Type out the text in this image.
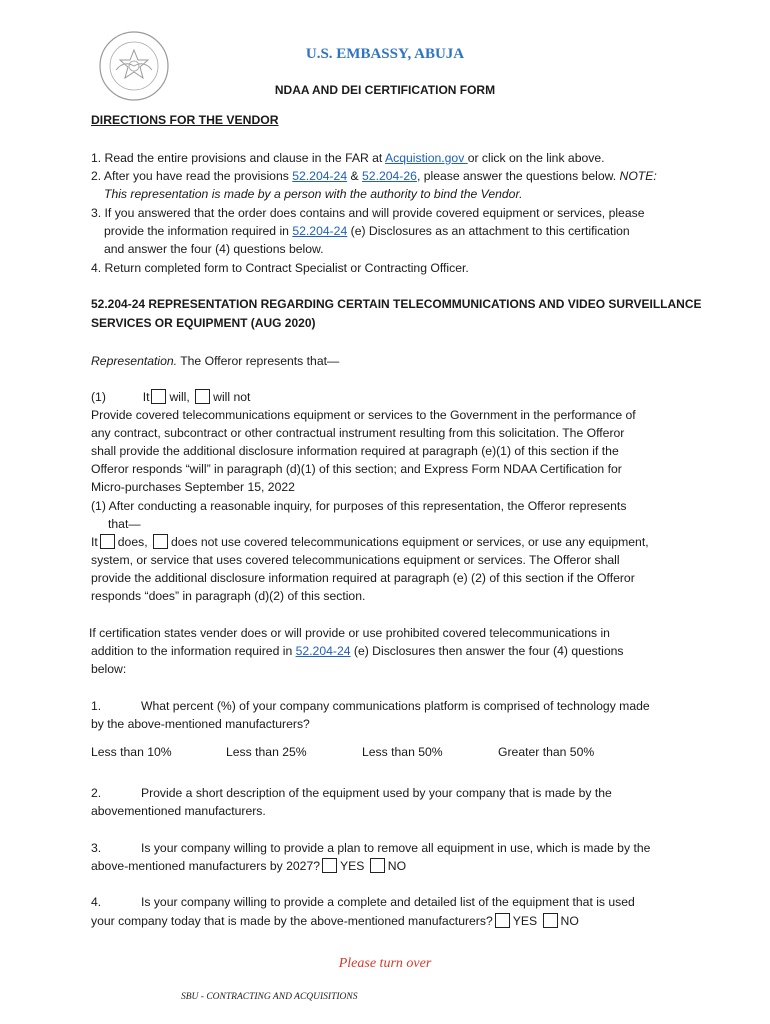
U.S. EMBASSY, ABUJA
NDAA AND DEI CERTIFICATION FORM
DIRECTIONS FOR THE VENDOR
1. Read the entire provisions and clause in the FAR at Acquistion.gov or click on the link above.
2. After you have read the provisions 52.204-24 & 52.204-26, please answer the questions below. NOTE:
This representation is made by a person with the authority to bind the Vendor.
3. If you answered that the order does contains and will provide covered equipment or services, please
provide the information required in 52.204-24 (e) Disclosures as an attachment to this certification
and answer the four (4) questions below.
4. Return completed form to Contract Specialist or Contracting Officer.
52.204-24 REPRESENTATION REGARDING CERTAIN TELECOMMUNICATIONS AND VIDEO SURVEILLANCE
SERVICES OR EQUIPMENT (AUG 2020)
Representation. The Offeror represents that—
(1)	It will, will not
Provide covered telecommunications equipment or services to the Government in the performance of
any contract, subcontract or other contractual instrument resulting from this solicitation. The Offeror
shall provide the additional disclosure information required at paragraph (e)(1) of this section if the
Offeror responds “will” in paragraph (d)(1) of this section; and Express Form NDAA Certification for
Micro-purchases September 15, 2022
(1) After conducting a reasonable inquiry, for purposes of this representation, the Offeror represents
that—
It does, does not use covered telecommunications equipment or services, or use any equipment,
system, or service that uses covered telecommunications equipment or services. The Offeror shall
provide the additional disclosure information required at paragraph (e) (2) of this section if the Offeror
responds “does” in paragraph (d)(2) of this section.
If certification states vender does or will provide or use prohibited covered telecommunications in
addition to the information required in 52.204-24 (e) Disclosures then answer the four (4) questions
below:
1.	What percent (%) of your company communications platform is comprised of technology made
by the above-mentioned manufacturers?
Less than 10%	Less than 25%	Less than 50%	Greater than 50%
2.	Provide a short description of the equipment used by your company that is made by the
abovementioned manufacturers.
3.	Is your company willing to provide a plan to remove all equipment in use, which is made by the
above-mentioned manufacturers by 2027? YES NO
4.	Is your company willing to provide a complete and detailed list of the equipment that is used
your company today that is made by the above-mentioned manufacturers? YES NO
Please turn over
SBU - CONTRACTING AND ACQUISITIONS
